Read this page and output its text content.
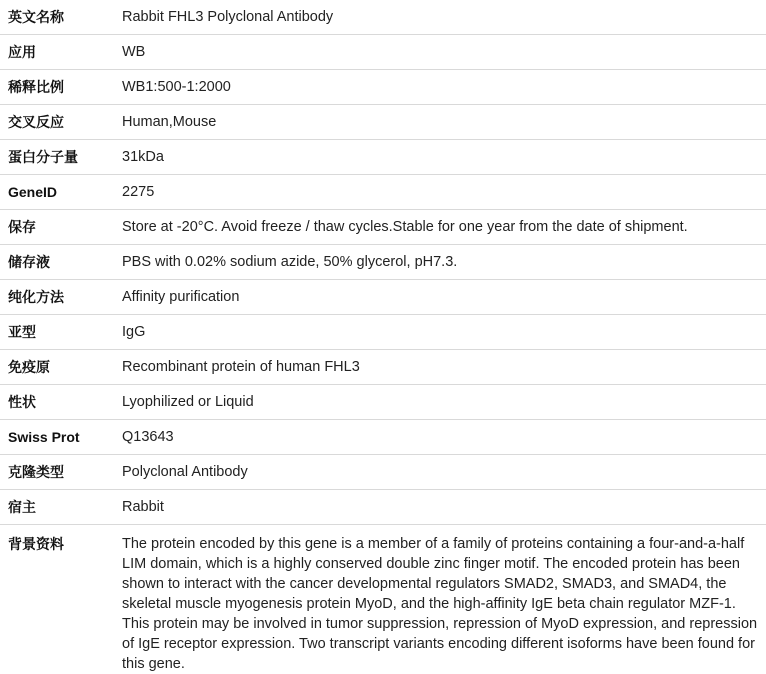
英文名称	Rabbit FHL3 Polyclonal Antibody
应用	WB
稀释比例	WB1:500-1:2000
交叉反应	Human,Mouse
蛋白分子量	31kDa
GeneID	2275
保存	Store at -20°C. Avoid freeze / thaw cycles.Stable for one year from the date of shipment.
储存液	PBS with 0.02% sodium azide, 50% glycerol, pH7.3.
纯化方法	Affinity purification
亚型	IgG
免疫原	Recombinant protein of human FHL3
性状	Lyophilized or Liquid
Swiss Prot	Q13643
克隆类型	Polyclonal Antibody
宿主	Rabbit
背景资料	The protein encoded by this gene is a member of a family of proteins containing a four-and-a-half LIM domain, which is a highly conserved double zinc finger motif. The encoded protein has been shown to interact with the cancer developmental regulators SMAD2, SMAD3, and SMAD4, the skeletal muscle myogenesis protein MyoD, and the high-affinity IgE beta chain regulator MZF-1. This protein may be involved in tumor suppression, repression of MyoD expression, and repression of IgE receptor expression. Two transcript variants encoding different isoforms have been found for this gene.
